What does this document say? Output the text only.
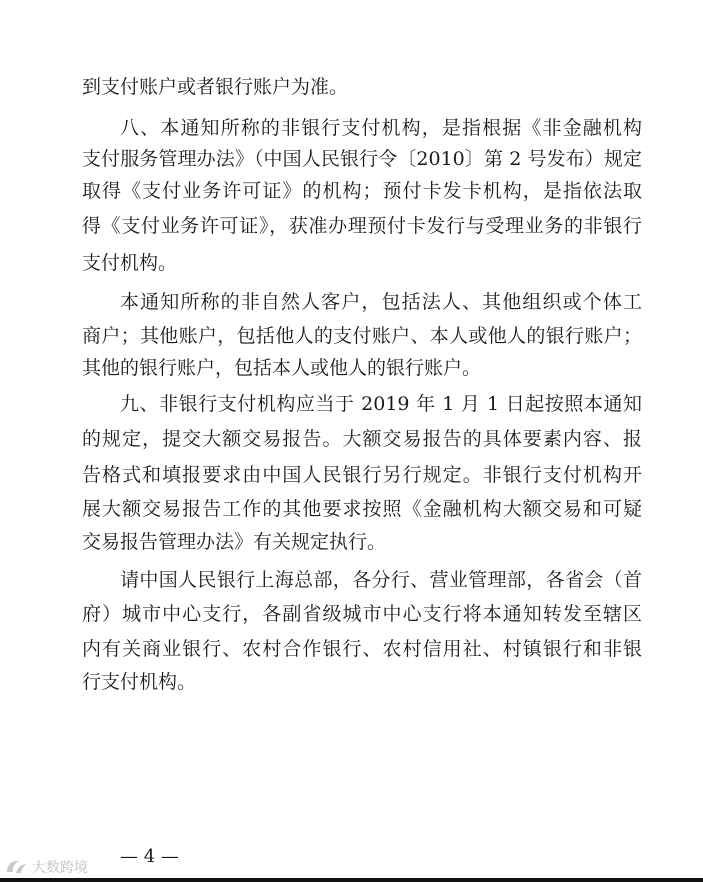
到支付账户或者银行账户为准。
八、本通知所称的非银行支付机构，是指根据《非金融机构
支付服务管理办法》（中国人民银行令〔2010〕第 2 号发布）规定
取得《支付业务许可证》的机构；预付卡发卡机构，是指依法取
得《支付业务许可证》，获准办理预付卡发行与受理业务的非银行
支付机构。
本通知所称的非自然人客户，包括法人、其他组织或个体工
商户；其他账户，包括他人的支付账户、本人或他人的银行账户；
其他的银行账户，包括本人或他人的银行账户。
九、非银行支付机构应当于 2019 年 1 月 1 日起按照本通知
的规定，提交大额交易报告。大额交易报告的具体要素内容、报
告格式和填报要求由中国人民银行另行规定。非银行支付机构开
展大额交易报告工作的其他要求按照《金融机构大额交易和可疑
交易报告管理办法》有关规定执行。
请中国人民银行上海总部，各分行、营业管理部，各省会（首
府）城市中心支行，各副省级城市中心支行将本通知转发至辖区
内有关商业银行、农村合作银行、农村信用社、村镇银行和非银
行支付机构。
— 4 —
大数跨境
